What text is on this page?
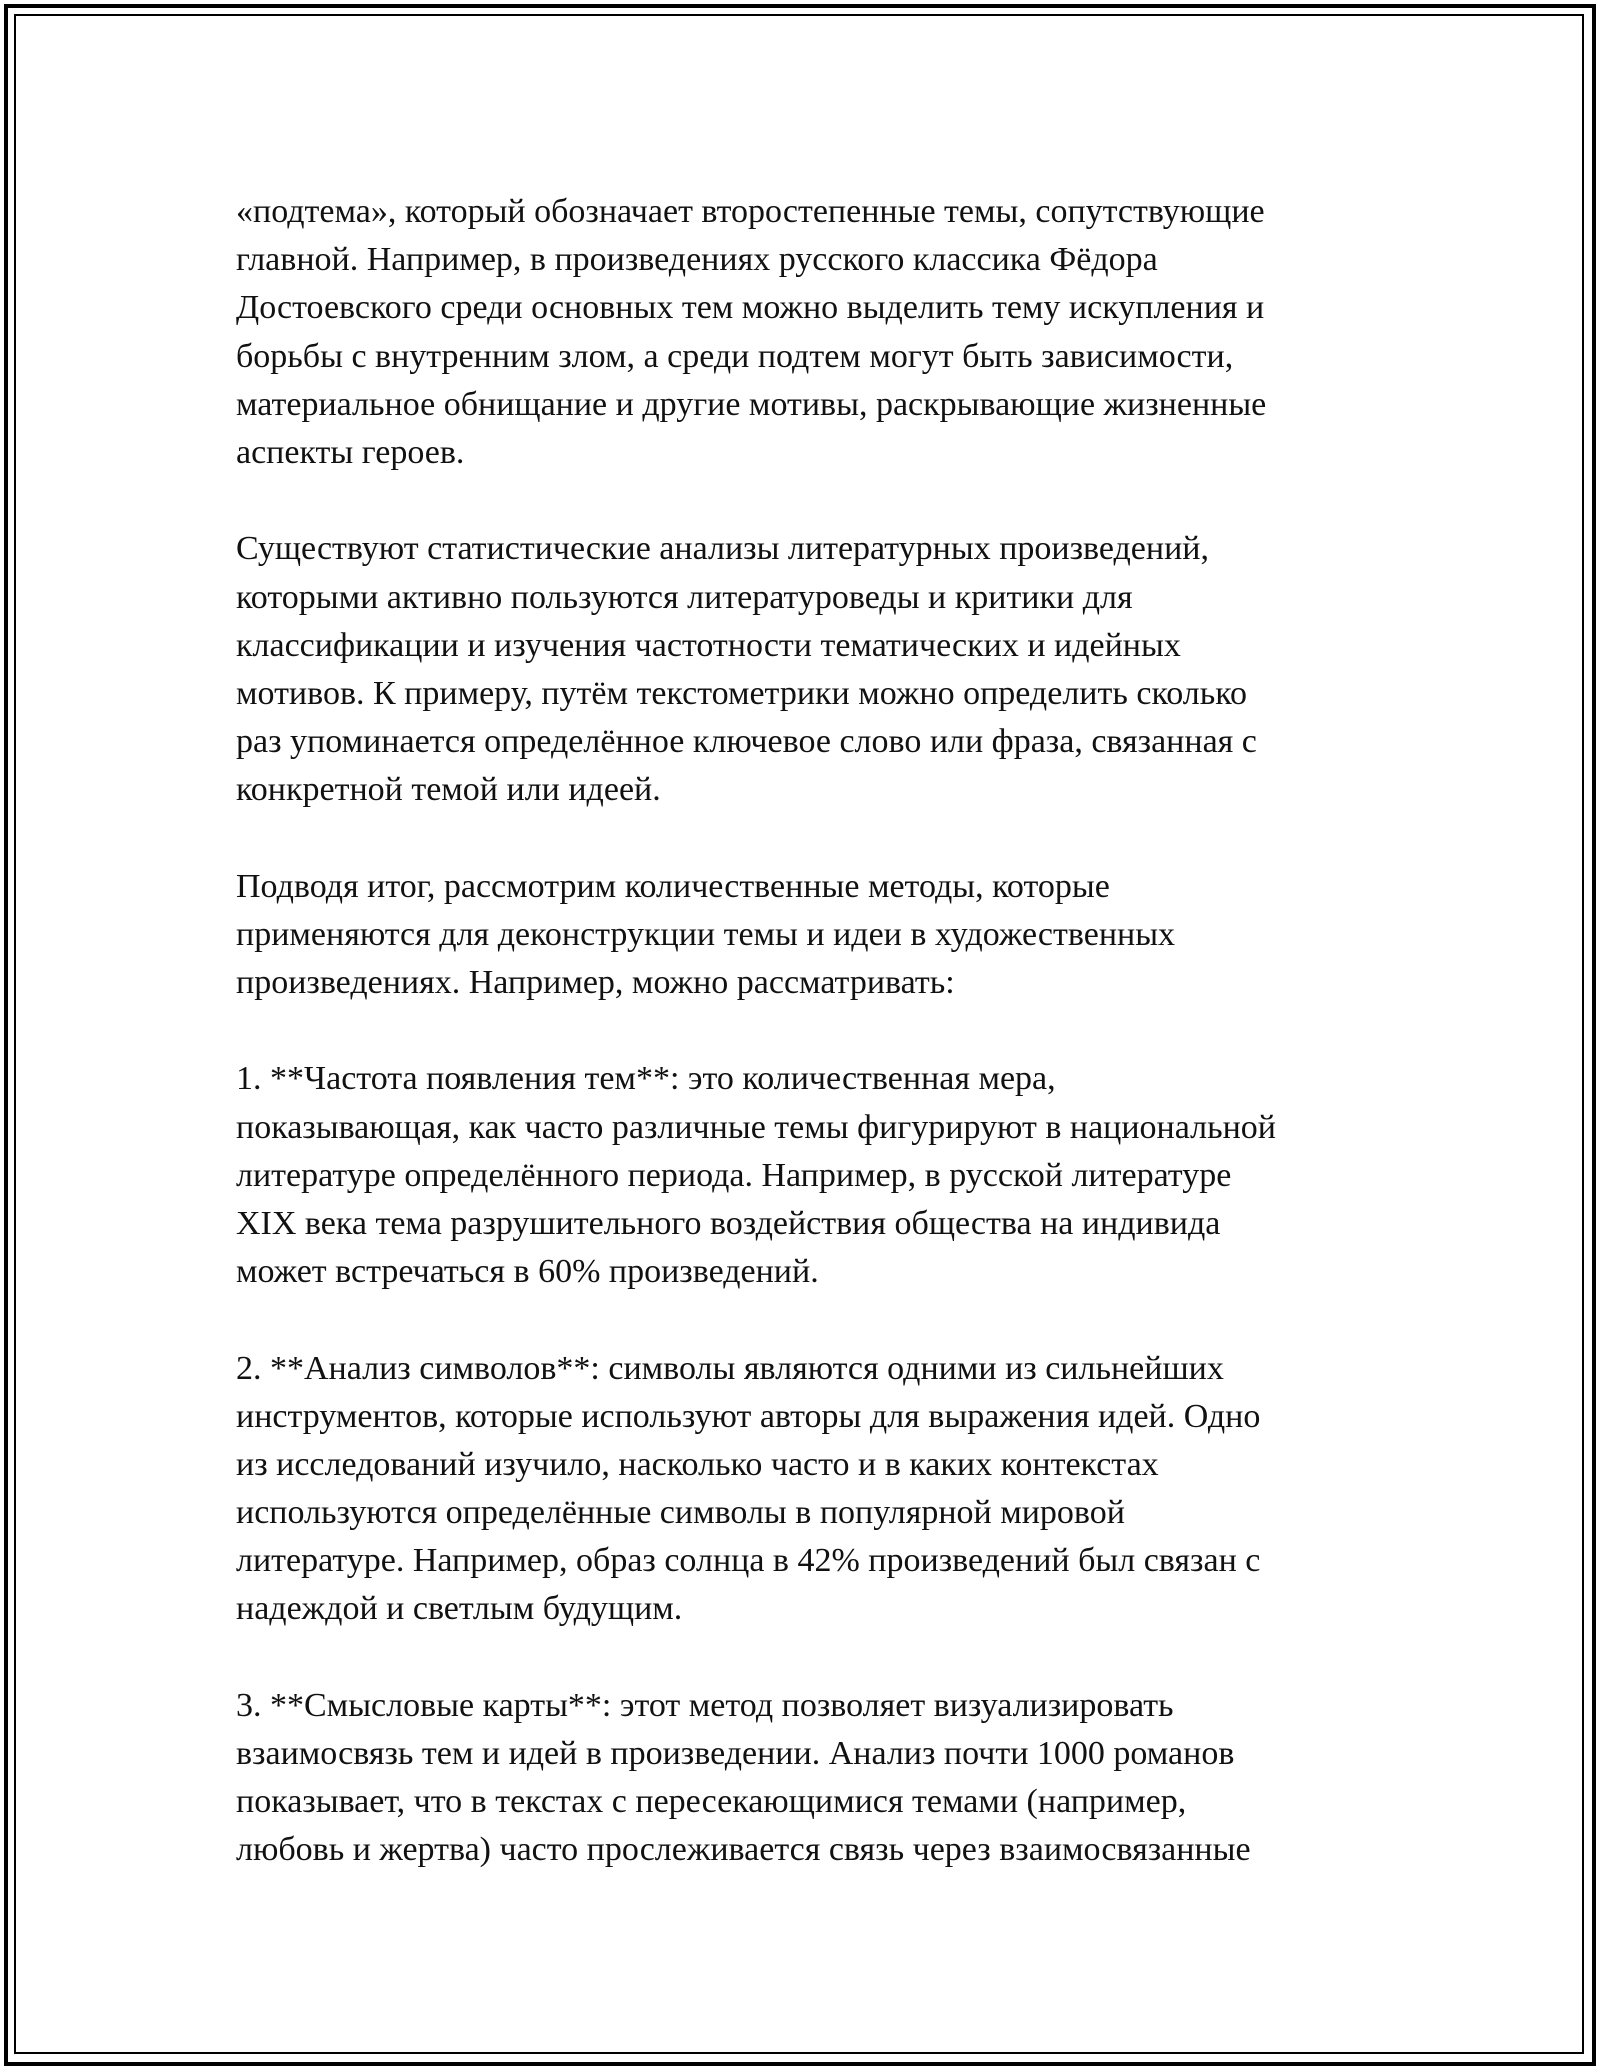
«подтема», который обозначает второстепенные темы, сопутствующие
главной. Например, в произведениях русского классика Фёдора
Достоевского среди основных тем можно выделить тему искупления и
борьбы с внутренним злом, а среди подтем могут быть зависимости,
материальное обнищание и другие мотивы, раскрывающие жизненные
аспекты героев.
Существуют статистические анализы литературных произведений,
которыми активно пользуются литературоведы и критики для
классификации и изучения частотности тематических и идейных
мотивов. К примеру, путём текстометрики можно определить сколько
раз упоминается определённое ключевое слово или фраза, связанная с
конкретной темой или идеей.
Подводя итог, рассмотрим количественные методы, которые
применяются для деконструкции темы и идеи в художественных
произведениях. Например, можно рассматривать:
1. **Частота появления тем**: это количественная мера,
показывающая, как часто различные темы фигурируют в национальной
литературе определённого периода. Например, в русской литературе
XIX века тема разрушительного воздействия общества на индивида
может встречаться в 60% произведений.
2. **Анализ символов**: символы являются одними из сильнейших
инструментов, которые используют авторы для выражения идей. Одно
из исследований изучило, насколько часто и в каких контекстах
используются определённые символы в популярной мировой
литературе. Например, образ солнца в 42% произведений был связан с
надеждой и светлым будущим.
3. **Смысловые карты**: этот метод позволяет визуализировать
взаимосвязь тем и идей в произведении. Анализ почти 1000 романов
показывает, что в текстах с пересекающимися темами (например,
любовь и жертва) часто прослеживается связь через взаимосвязанные
